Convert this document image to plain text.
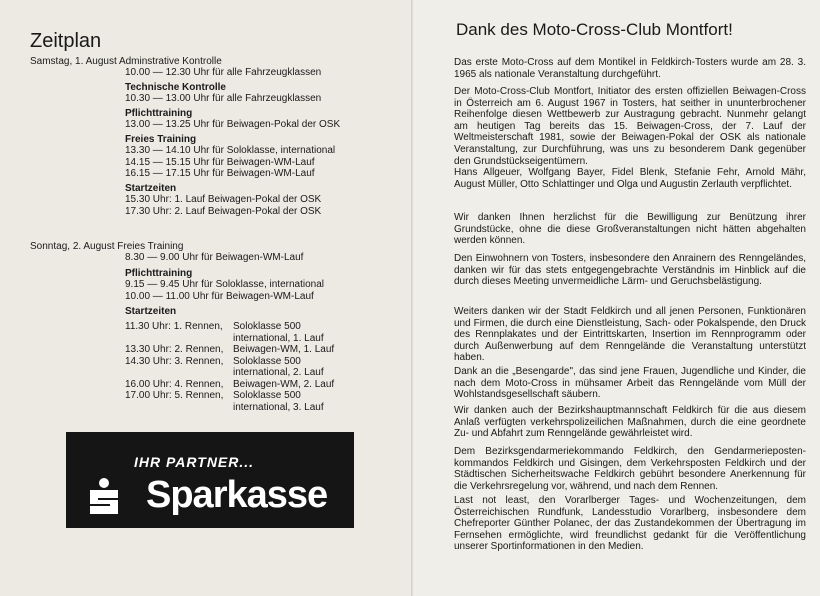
Zeitplan
Samstag, 1. August Adminstrative Kontrolle
10.00 — 12.30 Uhr für alle Fahrzeugklassen
Technische Kontrolle
10.30 — 13.00 Uhr für alle Fahrzeugklassen
Pflichttraining
13.00 — 13.25 Uhr für Beiwagen-Pokal der OSK
Freies Training
13.30 — 14.10 Uhr für Soloklasse, international
14.15 — 15.15 Uhr für Beiwagen-WM-Lauf
16.15 — 17.15 Uhr für Beiwagen-WM-Lauf
Startzeiten
15.30 Uhr: 1. Lauf Beiwagen-Pokal der OSK
17.30 Uhr: 2. Lauf Beiwagen-Pokal der OSK
Sonntag, 2. August Freies Training
8.30 — 9.00 Uhr für Beiwagen-WM-Lauf
Pflichttraining
9.15 — 9.45 Uhr für Soloklasse, international
10.00 — 11.00 Uhr für Beiwagen-WM-Lauf
Startzeiten
11.30 Uhr: 1. Rennen, Soloklasse 500
international, 1. Lauf
13.30 Uhr: 2. Rennen, Beiwagen-WM, 1. Lauf
14.30 Uhr: 3. Rennen, Soloklasse 500
international, 2. Lauf
16.00 Uhr: 4. Rennen, Beiwagen-WM, 2. Lauf
17.00 Uhr: 5. Rennen, Soloklasse 500
international, 3. Lauf
IHR PARTNER...
Sparkasse
Dank des Moto-Cross-Club Montfort!
Das erste Moto-Cross auf dem Montikel in Feldkirch-Tosters wurde am 28. 3. 1965 als nationale Veranstaltung durchgeführt.
Der Moto-Cross-Club Montfort, Initiator des ersten offiziellen Beiwagen-Cross in Österreich am 6. August 1967 in Tosters, hat seither in ununterbrochener Reihenfolge diesen Wettbewerb zur Austragung gebracht. Nunmehr gelangt am heutigen Tag bereits das 15. Beiwagen-Cross, der 7. Lauf der Weltmeisterschaft 1981, sowie der Beiwagen-Pokal der OSK als nationale Veranstaltung, zur Durchführung, was uns zu besonderem Dank gegenüber den Grundstückseigentümern.
Hans Allgeuer, Wolfgang Bayer, Fidel Blenk, Stefanie Fehr, Arnold Mähr, August Müller, Otto Schlattinger und Olga und Augustin Zerlauth verpflichtet.
Wir danken Ihnen herzlichst für die Bewilligung zur Benützung ihrer Grundstücke, ohne die diese Großveranstaltungen nicht hätten abgehalten werden können.
Den Einwohnern von Tosters, insbesondere den Anrainern des Renngeländes, danken wir für das stets entgegengebrachte Verständnis im Hinblick auf die durch dieses Meeting unvermeidliche Lärm- und Geruchsbelästigung.
Weiters danken wir der Stadt Feldkirch und all jenen Personen, Funktionären und Firmen, die durch eine Dienstleistung, Sach- oder Pokalspende, den Druck des Rennplakates und der Eintrittskarten, Insertion im Rennprogramm oder durch Außenwerbung auf dem Renngelände die Veranstaltung unterstützt haben.
Dank an die „Besengarde", das sind jene Frauen, Jugendliche und Kinder, die nach dem Moto-Cross in mühsamer Arbeit das Renngelände vom Müll der Wohlstandsgesellschaft säubern.
Wir danken auch der Bezirkshauptmannschaft Feldkirch für die aus diesem Anlaß verfügten verkehrspolizeilichen Maßnahmen, durch die eine geordnete Zu- und Abfahrt zum Renngelände gewährleistet wird.
Dem Bezirksgendarmeriekommando Feldkirch, den Gendarmerieposten-kommandos Feldkirch und Gisingen, dem Verkehrsposten Feldkirch und der Städtischen Sicherheitswache Feldkirch gebührt besondere Anerkennung für die Verkehrsregelung vor, während, und nach dem Rennen.
Last not least, den Vorarlberger Tages- und Wochenzeitungen, dem Österreichischen Rundfunk, Landesstudio Vorarlberg, insbesondere dem Chefreporter Günther Polanec, der das Zustandekommen der Übertragung im Fernsehen ermöglichte, wird freundlichst gedankt für die Veröffentlichung unserer Sportinformationen in den Medien.
